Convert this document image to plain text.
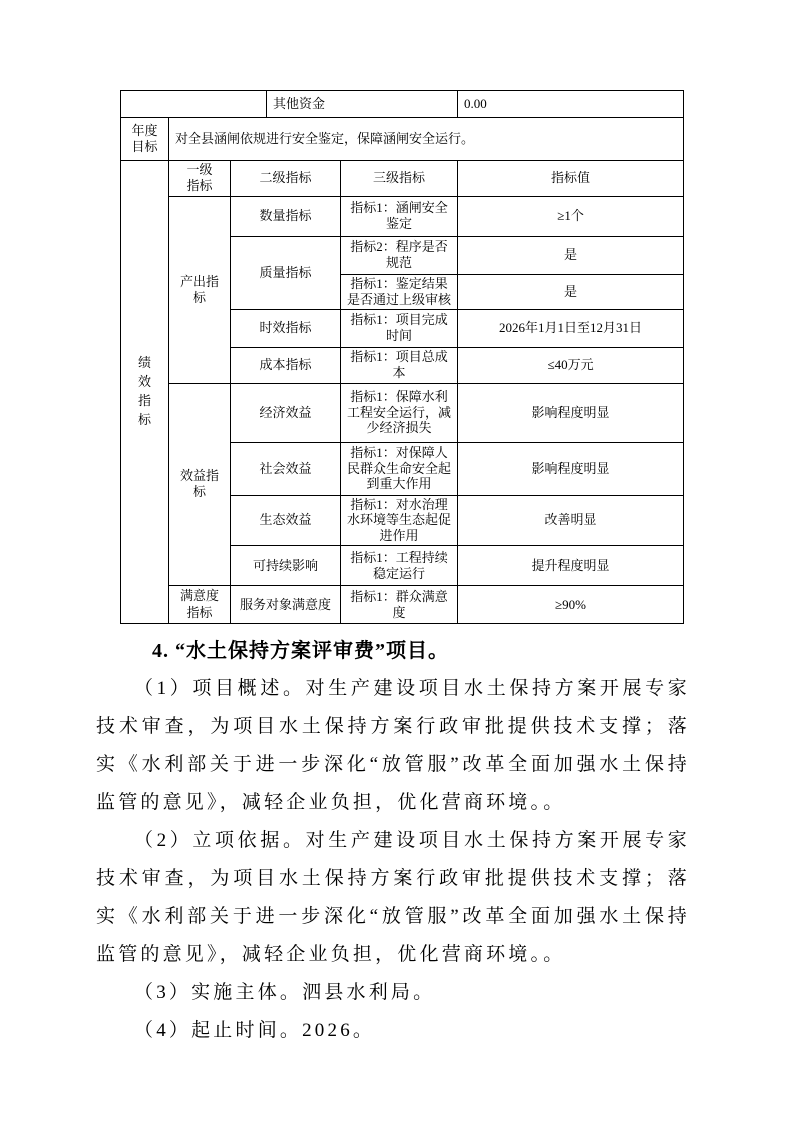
			其他资金		0.00
年度目标	对全县涵闸依规进行安全鉴定，保障涵闸安全运行。				
绩效指标	一级指标	二级指标		三级指标	指标值
	产出指标	数量指标		指标1：涵闸安全鉴定	≥1个
		质量指标		指标2：程序是否规范	是
				指标1：鉴定结果是否通过上级审核	是
		时效指标		指标1：项目完成时间	2026年1月1日至12月31日
		成本指标		指标1：项目总成本	≤40万元
	效益指标	经济效益		指标1：保障水利工程安全运行，减少经济损失	影响程度明显
		社会效益		指标1：对保障人民群众生命安全起到重大作用	影响程度明显
		生态效益		指标1：对水治理水环境等生态起促进作用	改善明显
		可持续影响		指标1：工程持续稳定运行	提升程度明显
	满意度指标	服务对象满意度		指标1：群众满意度	≥90%
4. “水土保持方案评审费”项目。

（1）项目概述。对生产建设项目水土保持方案开展专家技术审查，为项目水土保持方案行政审批提供技术支撑；落实《水利部关于进一步深化“放管服”改革全面加强水土保持监管的意见》，减轻企业负担，优化营商环境。。

（2）立项依据。对生产建设项目水土保持方案开展专家技术审查，为项目水土保持方案行政审批提供技术支撑；落实《水利部关于进一步深化“放管服”改革全面加强水土保持监管的意见》，减轻企业负担，优化营商环境。。

（3）实施主体。泗县水利局。

（4）起止时间。2026。
